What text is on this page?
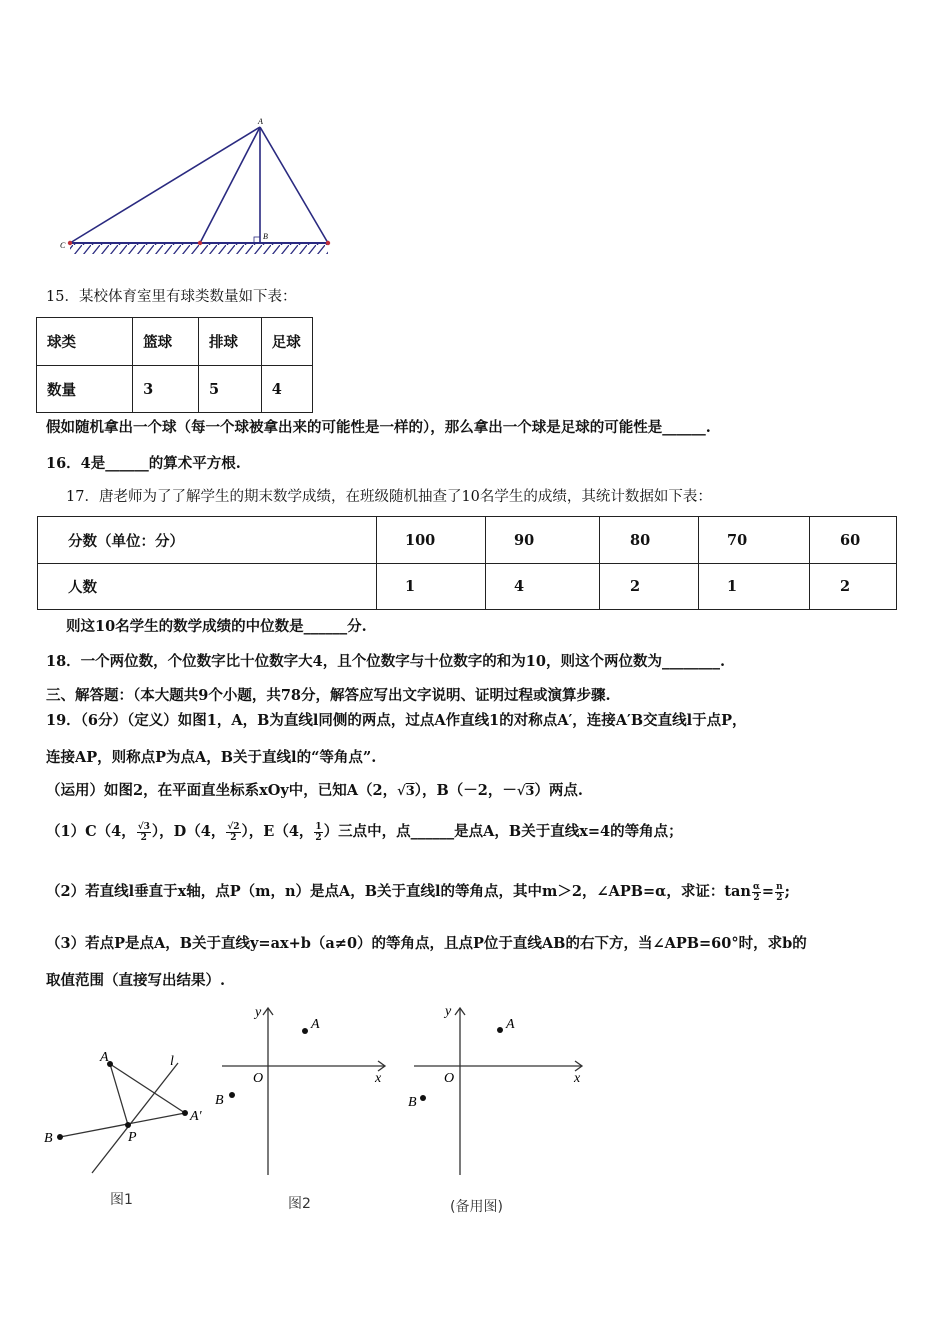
A
B
C
15．某校体育室里有球类数量如下表：
球类	篮球	排球	足球
数量	3	5	4
假如随机拿出一个球（每一个球被拿出来的可能性是一样的），那么拿出一个球是足球的可能性是______.
16．4是______的算术平方根.
17．唐老师为了了解学生的期末数学成绩，在班级随机抽查了10名学生的成绩，其统计数据如下表：
分数（单位：分）	100	90	80	70	60
人数	1	4	2	1	2
则这10名学生的数学成绩的中位数是______分.
18．一个两位数，个位数字比十位数字大4，且个位数字与十位数字的和为10，则这个两位数为________.
三、解答题：（本大题共9个小题，共78分，解答应写出文字说明、证明过程或演算步骤.
19．（6分）（定义）如图1，A，B为直线l同侧的两点，过点A作直线1的对称点A′，连接A′B交直线l于点P，
连接AP，则称点P为点A，B关于直线l的“等角点”.
（运用）如图2，在平面直坐标系xOy中，已知A（2，√3），B（－2，－√3）两点.
（1）C（4， $\frac{√3}{2}$ ），D（4， $\frac{√2}{2}$ ），E（4， $\frac{1}{2}$ ）三点中，点______是点A，B关于直线x=4的等角点；
（2）若直线l垂直于x轴，点P（m，n）是点A，B关于直线l的等角点，其中m＞2，∠APB=α，求证：$\tan \frac{\alpha}{2} = \frac{n}{2}$ ;
（3）若点P是点A，B关于直线y=ax+b（a≠0）的等角点，且点P位于直线AB的右下方，当∠APB=60°时，求b的
取值范围（直接写出结果）.
A	l
A′
B	P
图1
y
A
O	x
B
图2
y
A
O	x
B
(备用图)
